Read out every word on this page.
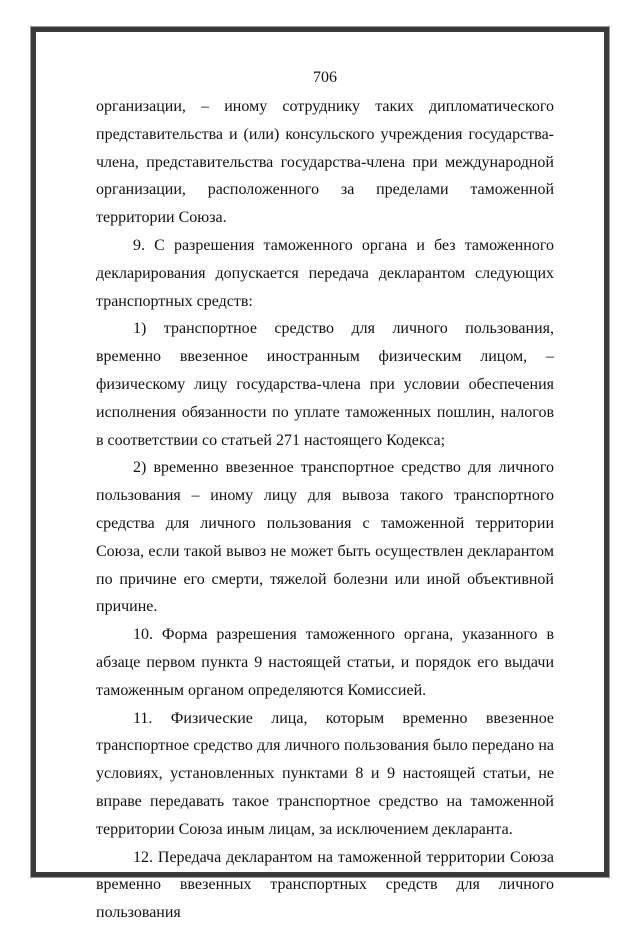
706

организации, – иному сотруднику таких дипломатического представительства и (или) консульского учреждения государства-члена, представительства государства-члена при международной организации, расположенного за пределами таможенной территории Союза.

9. С разрешения таможенного органа и без таможенного декларирования допускается передача декларантом следующих транспортных средств:

1) транспортное средство для личного пользования, временно ввезенное иностранным физическим лицом, – физическому лицу государства-члена при условии обеспечения исполнения обязанности по уплате таможенных пошлин, налогов в соответствии со статьей 271 настоящего Кодекса;

2) временно ввезенное транспортное средство для личного пользования – иному лицу для вывоза такого транспортного средства для личного пользования с таможенной территории Союза, если такой вывоз не может быть осуществлен декларантом по причине его смерти, тяжелой болезни или иной объективной причине.

10. Форма разрешения таможенного органа, указанного в абзаце первом пункта 9 настоящей статьи, и порядок его выдачи таможенным органом определяются Комиссией.

11. Физические лица, которым временно ввезенное транспортное средство для личного пользования было передано на условиях, установленных пунктами 8 и 9 настоящей статьи, не вправе передавать такое транспортное средство на таможенной территории Союза иным лицам, за исключением декларанта.

12. Передача декларантом на таможенной территории Союза временно ввезенных транспортных средств для личного пользования
